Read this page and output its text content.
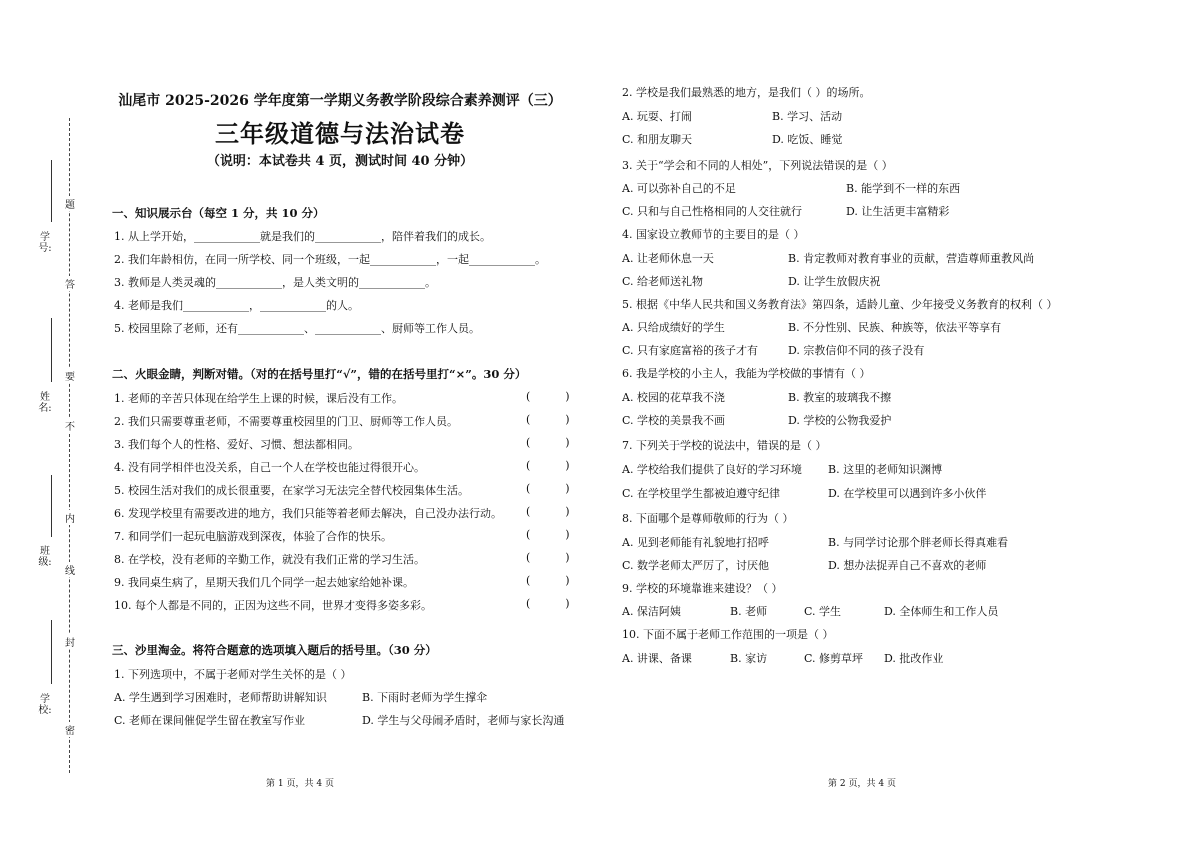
学
号:
姓
名:
班
级:
学
校:
题
答
要
不
内
线
封
密
汕尾市 2025-2026 学年度第一学期义务教学阶段综合素养测评（三）
三年级道德与法治试卷
（说明：本试卷共 4 页，测试时间 40 分钟）
一、知识展示台（每空 1 分，共 10 分）
1. 从上学开始，____________就是我们的____________，陪伴着我们的成长。
2. 我们年龄相仿，在同一所学校、同一个班级，一起____________，一起____________。
3. 教师是人类灵魂的____________，是人类文明的____________。
4. 老师是我们____________，____________的人。
5. 校园里除了老师，还有____________、____________、厨师等工作人员。
二、火眼金睛，判断对错。（对的在括号里打“√”，错的在括号里打“×”。30 分）
1. 老师的辛苦只体现在给学生上课的时候，课后没有工作。	(          )
2. 我们只需要尊重老师，不需要尊重校园里的门卫、厨师等工作人员。	(          )
3. 我们每个人的性格、爱好、习惯、想法都相同。	(          )
4. 没有同学相伴也没关系，自己一个人在学校也能过得很开心。	(          )
5. 校园生活对我们的成长很重要，在家学习无法完全替代校园集体生活。	(          )
6. 发现学校里有需要改进的地方，我们只能等着老师去解决，自己没办法行动。 (          )
7. 和同学们一起玩电脑游戏到深夜，体验了合作的快乐。	(          )
8. 在学校，没有老师的辛勤工作，就没有我们正常的学习生活。	(          )
9. 我同桌生病了，星期天我们几个同学一起去她家给她补课。	(          )
10. 每个人都是不同的，正因为这些不同，世界才变得多姿多彩。	(          )
三、沙里淘金。将符合题意的选项填入题后的括号里。（30 分）
1. 下列选项中，不属于老师对学生关怀的是（ ）
A. 学生遇到学习困难时，老师帮助讲解知识	B. 下雨时老师为学生撑伞
C. 老师在课间催促学生留在教室写作业	D. 学生与父母闹矛盾时，老师与家长沟通
第 1 页，共 4 页
2. 学校是我们最熟悉的地方，是我们（ ）的场所。
A. 玩耍、打闹	B. 学习、活动
C. 和朋友聊天	D. 吃饭、睡觉
3. 关于“学会和不同的人相处”，下列说法错误的是（ ）
A. 可以弥补自己的不足	B. 能学到不一样的东西
C. 只和与自己性格相同的人交往就行	D. 让生活更丰富精彩
4. 国家设立教师节的主要目的是（ ）
A. 让老师休息一天	B. 肯定教师对教育事业的贡献，营造尊师重教风尚
C. 给老师送礼物	D. 让学生放假庆祝
5. 根据《中华人民共和国义务教育法》第四条，适龄儿童、少年接受义务教育的权利（ ）
A. 只给成绩好的学生	B. 不分性别、民族、种族等，依法平等享有
C. 只有家庭富裕的孩子才有	D. 宗教信仰不同的孩子没有
6. 我是学校的小主人，我能为学校做的事情有（ ）
A. 校园的花草我不浇	B. 教室的玻璃我不擦
C. 学校的美景我不画	D. 学校的公物我爱护
7. 下列关于学校的说法中，错误的是（ ）
A. 学校给我们提供了良好的学习环境 B. 这里的老师知识渊博
C. 在学校里学生都被迫遵守纪律	D. 在学校里可以遇到许多小伙伴
8. 下面哪个是尊师敬师的行为（ ）
A. 见到老师能有礼貌地打招呼	B. 与同学讨论那个胖老师长得真难看
C. 数学老师太严厉了，讨厌他	D. 想办法捉弄自己不喜欢的老师
9. 学校的环境靠谁来建设？（ ）
A. 保洁阿姨	B. 老师	C. 学生	D. 全体师生和工作人员
10. 下面不属于老师工作范围的一项是（ ）
A. 讲课、备课	B. 家访	C. 修剪草坪 D. 批改作业
第 2 页，共 4 页
